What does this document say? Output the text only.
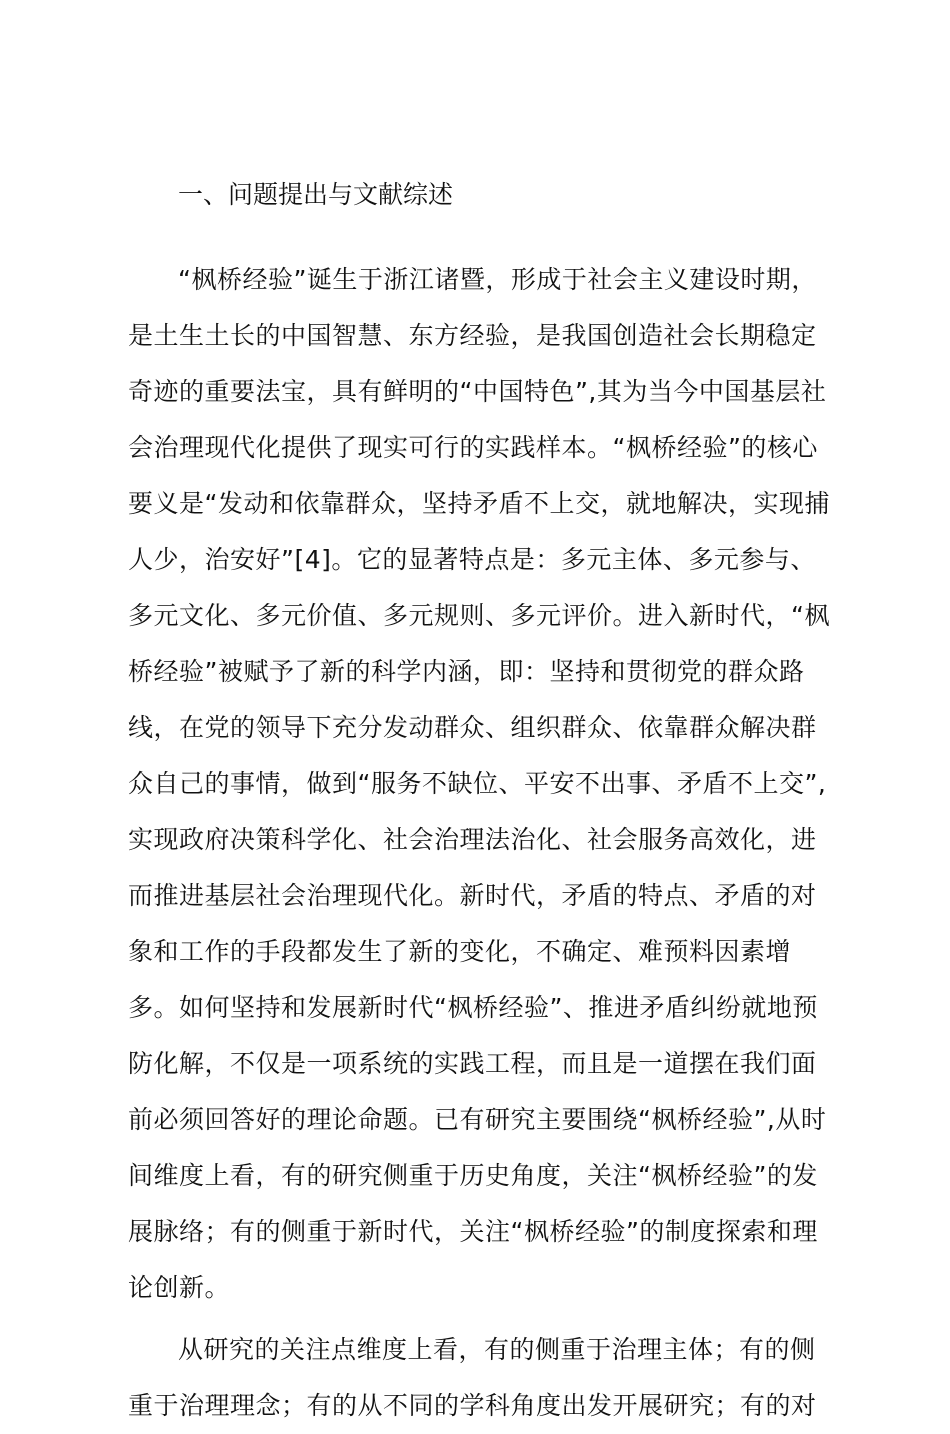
一、问题提出与文献综述
“枫桥经验”诞生于浙江诸暨，形成于社会主义建设时期，
是土生土长的中国智慧、东方经验，是我国创造社会长期稳定
奇迹的重要法宝，具有鲜明的“中国特色”,其为当今中国基层社
会治理现代化提供了现实可行的实践样本。“枫桥经验”的核心
要义是“发动和依靠群众，坚持矛盾不上交，就地解决，实现捕
人少，治安好”[4]。它的显著特点是：多元主体、多元参与、
多元文化、多元价值、多元规则、多元评价。进入新时代，“枫
桥经验”被赋予了新的科学内涵，即：坚持和贯彻党的群众路
线，在党的领导下充分发动群众、组织群众、依靠群众解决群
众自己的事情，做到“服务不缺位、平安不出事、矛盾不上交”,
实现政府决策科学化、社会治理法治化、社会服务高效化，进
而推进基层社会治理现代化。新时代，矛盾的特点、矛盾的对
象和工作的手段都发生了新的变化，不确定、难预料因素增
多。如何坚持和发展新时代“枫桥经验”、推进矛盾纠纷就地预
防化解，不仅是一项系统的实践工程，而且是一道摆在我们面
前必须回答好的理论命题。已有研究主要围绕“枫桥经验”,从时
间维度上看，有的研究侧重于历史角度，关注“枫桥经验”的发
展脉络；有的侧重于新时代，关注“枫桥经验”的制度探索和理
论创新。
从研究的关注点维度上看，有的侧重于治理主体；有的侧
重于治理理念；有的从不同的学科角度出发开展研究；有的对
